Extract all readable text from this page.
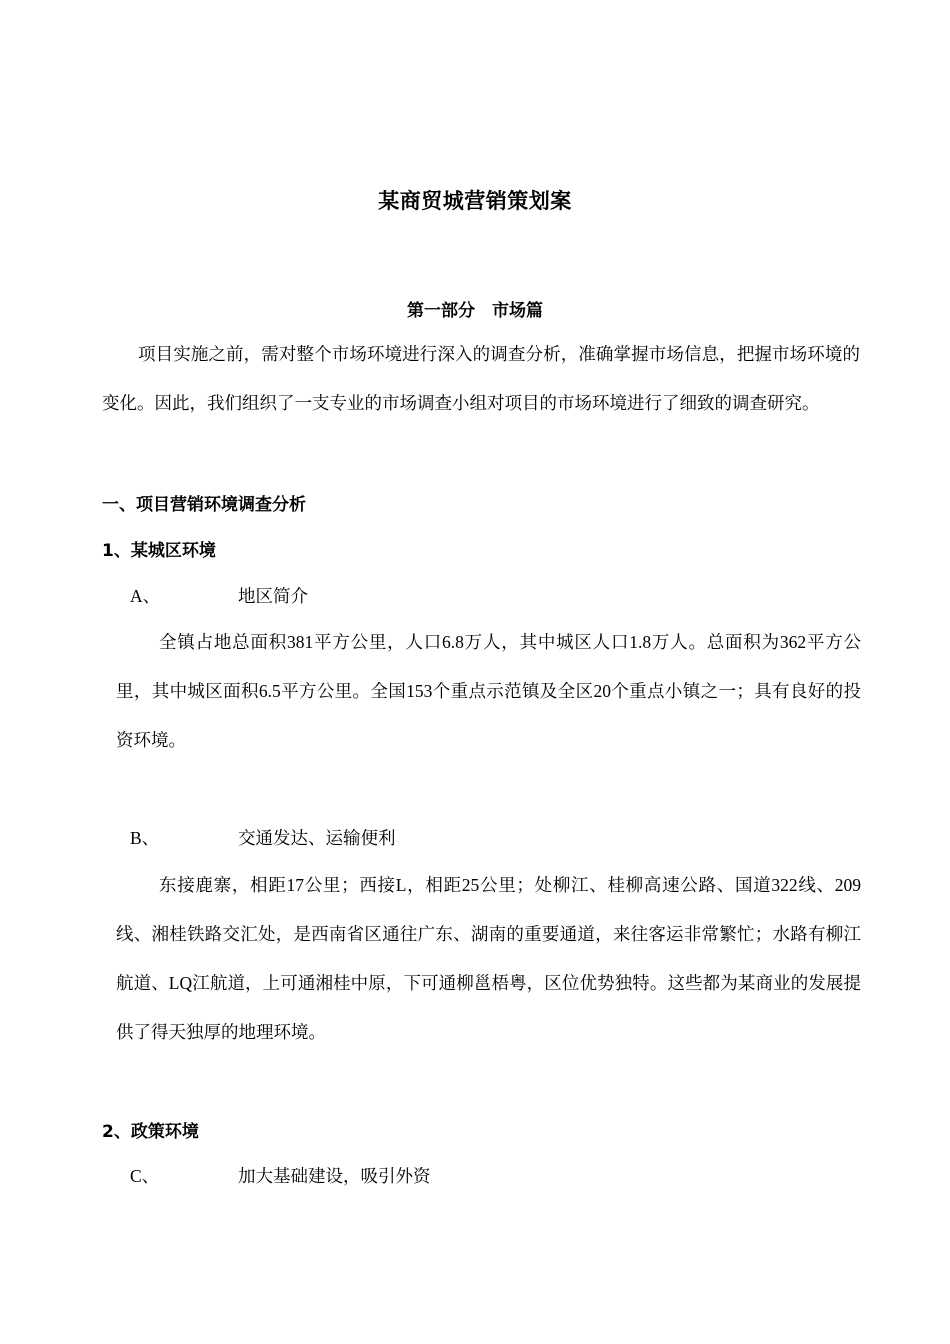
某商贸城营销策划案
第一部分　市场篇
项目实施之前，需对整个市场环境进行深入的调查分析，准确掌握市场信息，把握市场环境的变化。因此，我们组织了一支专业的市场调查小组对项目的市场环境进行了细致的调查研究。
一、项目营销环境调查分析
1、某城区环境
A、	地区简介
全镇占地总面积381平方公里，人口6.8万人，其中城区人口1.8万人。总面积为362平方公里，其中城区面积6.5平方公里。全国153个重点示范镇及全区20个重点小镇之一；具有良好的投资环境。
B、	交通发达、运输便利
东接鹿寨，相距17公里；西接L，相距25公里；处柳江、桂柳高速公路、国道322线、209线、湘桂铁路交汇处，是西南省区通往广东、湖南的重要通道，来往客运非常繁忙；水路有柳江航道、LQ江航道，上可通湘桂中原，下可通柳邕梧粤，区位优势独特。这些都为某商业的发展提供了得天独厚的地理环境。
2、政策环境
C、	加大基础建设，吸引外资
